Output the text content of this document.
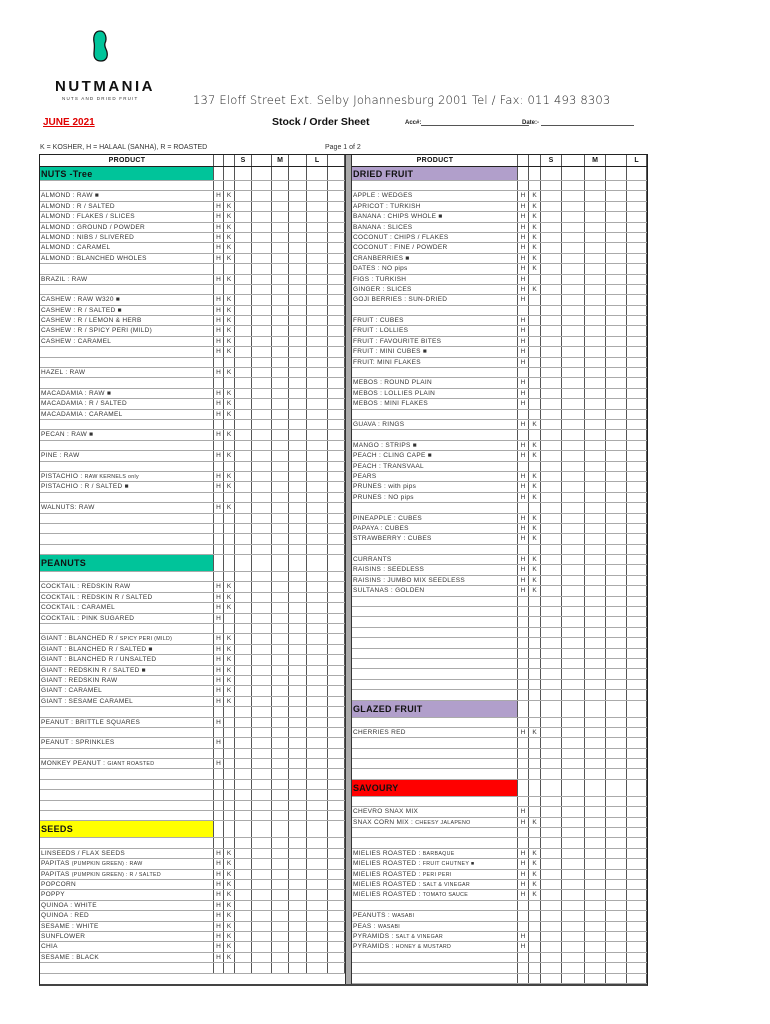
NUTMANIA
NUTS AND DRIED FRUIT	137 Eloff Street Ext. Selby Johannesburg 2001 Tel / Fax: 011 493 8303
JUNE 2021	Stock / Order Sheet	Acc#:	Date:-
K = KOSHER, H = HALAAL (SANHA), R = ROASTED	Page 1 of 2
PRODUCT	S	M	L
NUTS -Tree
ALMOND : RAW ■	H K
ALMOND : R / SALTED	H K
ALMOND : FLAKES / SLICES	H K
ALMOND : GROUND / POWDER	H K
ALMOND : NIBS / SLIVERED	H K
ALMOND : CARAMEL	H K
ALMOND : BLANCHED WHOLES	H K
BRAZIL : RAW	H K
CASHEW : RAW W320 ■	H K
CASHEW : R / SALTED ■	H K
CASHEW : R / LEMON & HERB	H K
CASHEW : R / SPICY PERI (MILD)	H K
CASHEW : CARAMEL	H K
H K
HAZEL : RAW	H K
MACADAMIA : RAW ■	H K
MACADAMIA : R / SALTED	H K
MACADAMIA : CARAMEL	H K
PECAN : RAW ■	H K
PINE : RAW	H K
PISTACHIO : RAW KERNELS only	H K
PISTACHIO : R / SALTED ■	H K
WALNUTS: RAW	H K
PEANUTS
COCKTAIL : REDSKIN RAW	H K
COCKTAIL : REDSKIN R / SALTED	H K
COCKTAIL : CARAMEL	H K
COCKTAIL : PINK SUGARED	H
GIANT : BLANCHED R / SPICY PERI (MILD)	H K
GIANT : BLANCHED R / SALTED ■	H K
GIANT : BLANCHED R / UNSALTED	H K
GIANT : REDSKIN R / SALTED ■	H K
GIANT : REDSKIN RAW	H K
GIANT : CARAMEL	H K
GIANT : SESAME CARAMEL	H K
PEANUT : BRITTLE SQUARES	H
PEANUT : SPRINKLES	H
MONKEY PEANUT : GIANT ROASTED	H
SEEDS
LINSEEDS / FLAX SEEDS	H K
PAPITAS (PUMPKIN GREEN) : RAW	H K
PAPITAS (PUMPKIN GREEN) : R / SALTED	H K
POPCORN	H K
POPPY	H K
QUINOA : WHITE	H K
QUINOA : RED	H K
SESAME : WHITE	H K
SUNFLOWER	H K
CHIA	H K
SESAME : BLACK	H K
PRODUCT	S	M	L
DRIED FRUIT
APPLE : WEDGES	H	K
APRICOT : TURKISH	H	K
BANANA : CHIPS WHOLE ■	H	K
BANANA : SLICES	H	K
COCONUT : CHIPS / FLAKES	H	K
COCONUT : FINE / POWDER	H	K
CRANBERRIES ■	H	K
DATES : NO pips	H	K
FIGS : TURKISH	H
GINGER : SLICES	H	K
GOJI BERRIES : SUN-DRIED	H
FRUIT : CUBES	H
FRUIT : LOLLIES	H
FRUIT : FAVOURITE BITES	H
FRUIT : MINI CUBES ■	H
FRUIT: MINI FLAKES	H
MEBOS : ROUND PLAIN	H
MEBOS : LOLLIES PLAIN	H
MEBOS : MINI FLAKES	H
GUAVA : RINGS	H	K
MANGO : STRIPS ■	H	K
PEACH : CLING CAPE ■	H	K
PEACH : TRANSVAAL
PEARS	H	K
PRUNES : with pips	H	K
PRUNES : NO pips	H	K
PINEAPPLE : CUBES	H	K
PAPAYA : CUBES	H	K
STRAWBERRY : CUBES	H	K
CURRANTS	H	K
RAISINS : SEEDLESS	H	K
RAISINS : JUMBO MIX SEEDLESS	H	K
SULTANAS : GOLDEN	H	K
GLAZED FRUIT
CHERRIES RED	H	K
SAVOURY
CHEVRO SNAX MIX	H
SNAX CORN MIX : CHEESY JALAPENO	H	K
MIELIES ROASTED : BARBAQUE	H	K
MIELIES ROASTED : FRUIT CHUTNEY ■	H	K
MIELIES ROASTED : PERI PERI	H	K
MIELIES ROASTED : SALT & VINEGAR	H	K
MIELIES ROASTED : TOMATO SAUCE	H	K
PEANUTS : WASABI
PEAS : WASABI
PYRAMIDS : SALT & VINEGAR	H
PYRAMIDS : HONEY & MUSTARD	H
